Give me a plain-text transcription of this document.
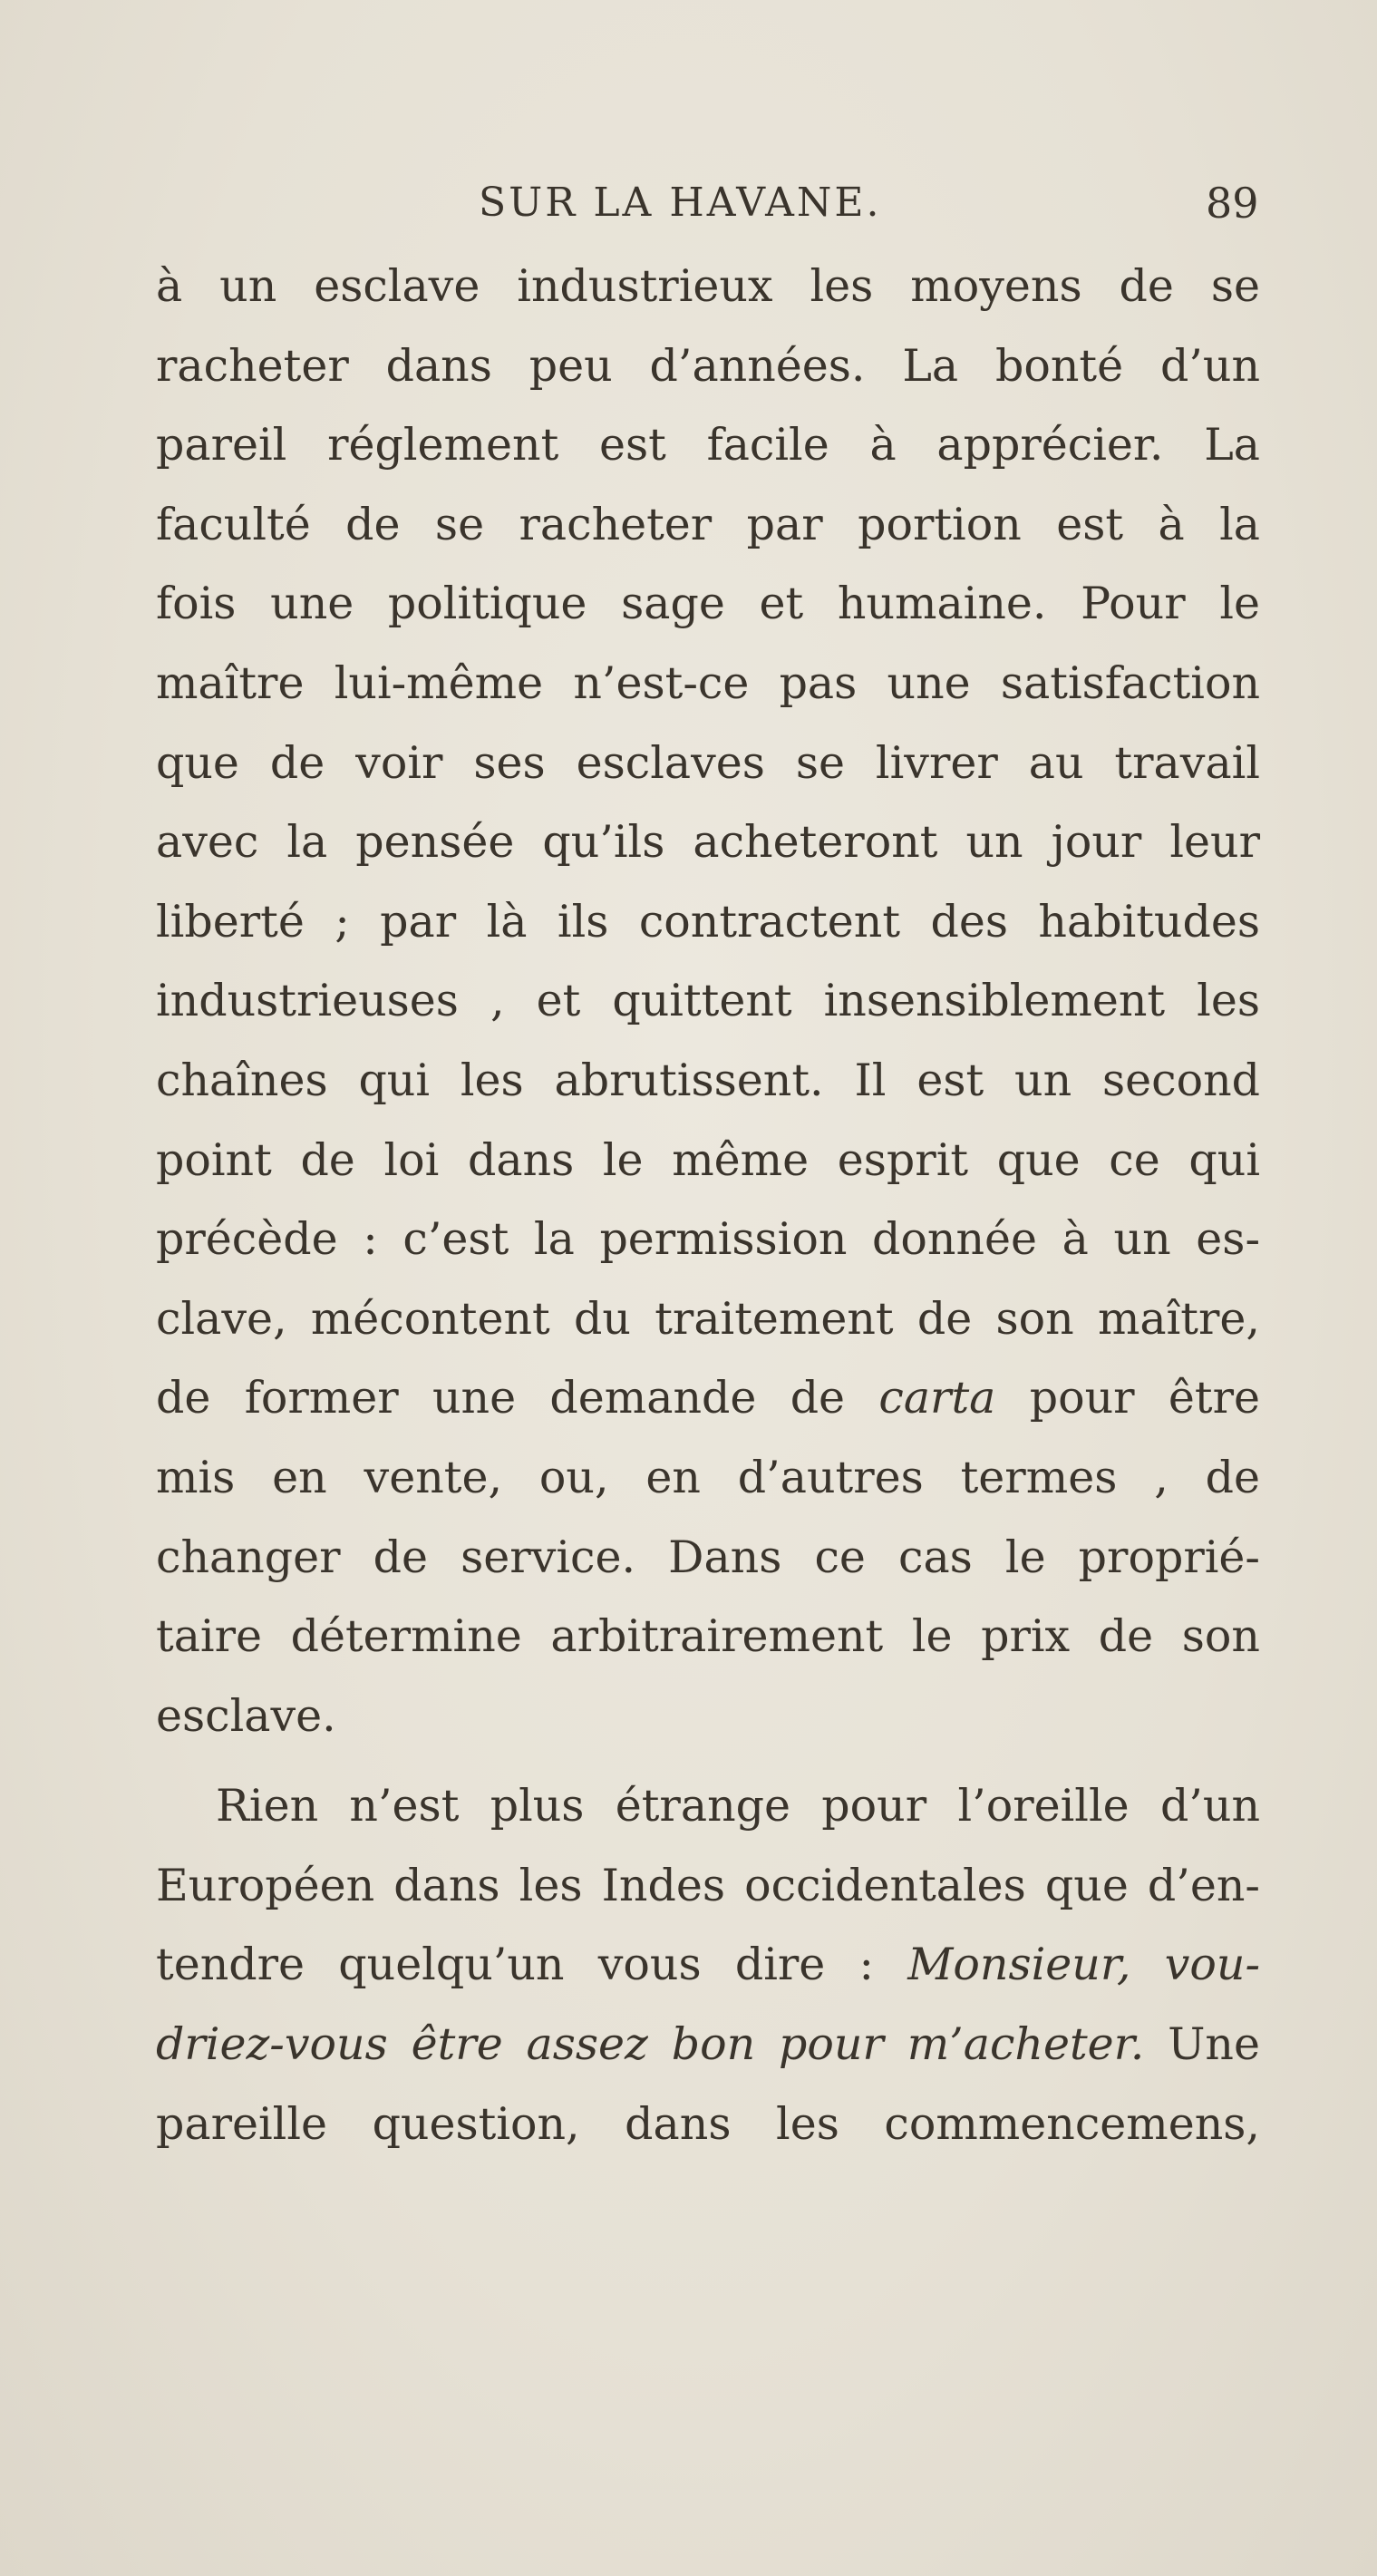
SUR LA HAVANE.	89
à un esclave industrieux les moyens de se
racheter dans peu d’années. La bonté d’un
pareil réglement est facile à apprécier. La
faculté de se racheter par portion est à la
fois une politique sage et humaine. Pour le
maître lui-même n’est-ce pas une satisfaction
que de voir ses esclaves se livrer au travail
avec la pensée qu’ils acheteront un jour leur
liberté ; par là ils contractent des habitudes
industrieuses , et quittent insensiblement les
chaînes qui les abrutissent. Il est un second
point de loi dans le même esprit que ce qui
précède : c’est la permission donnée à un es-
clave, mécontent du traitement de son maître,
de former une demande de carta pour être
mis en vente, ou, en d’autres termes , de
changer de service. Dans ce cas le proprié-
taire détermine arbitrairement le prix de son
esclave.
Rien n’est plus étrange pour l’oreille d’un
Européen dans les Indes occidentales que d’en-
tendre quelqu’un vous dire : Monsieur, vou-
driez-vous être assez bon pour m’acheter. Une
pareille question, dans les commencemens,
